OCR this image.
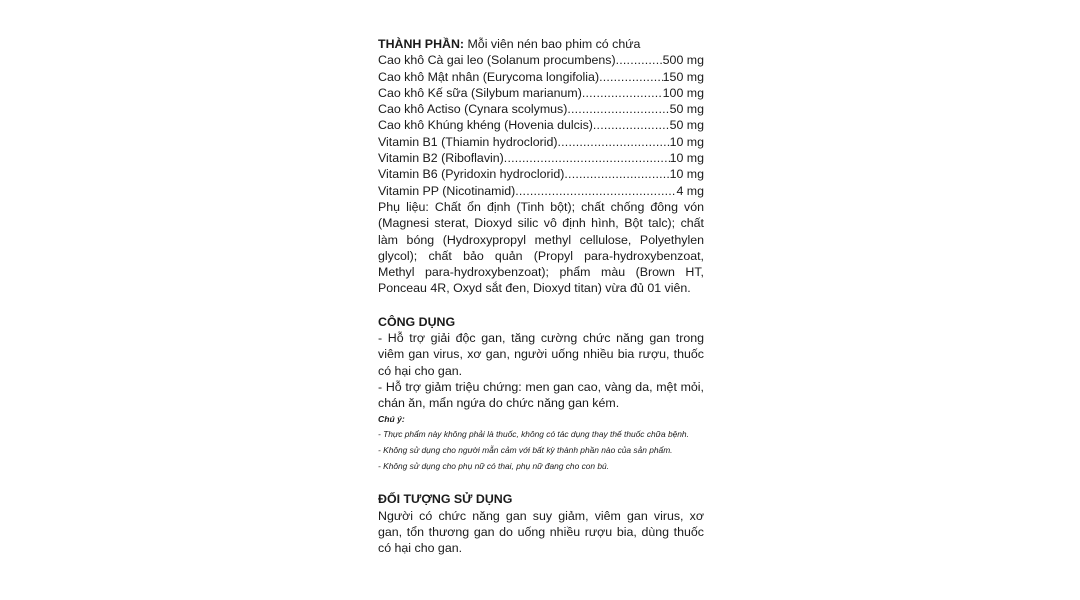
THÀNH PHẦN: Mỗi viên nén bao phim có chứa
Cao khô Cà gai leo (Solanum procumbens) .....	500 mg
Cao khô Mật nhân (Eurycoma longifolia) .....	150 mg
Cao khô Kế sữa (Silybum marianum) .....	100 mg
Cao khô Actiso (Cynara scolymus) .....	50 mg
Cao khô Khúng khéng (Hovenia dulcis) .....	50 mg
Vitamin B1 (Thiamin hydroclorid) .....	10 mg
Vitamin B2 (Riboflavin) .....	10 mg
Vitamin B6 (Pyridoxin hydroclorid) .....	10 mg
Vitamin PP (Nicotinamid) .....	4 mg

Phụ liệu: Chất ổn định (Tinh bột); chất chống đông vón (Magnesi sterat, Dioxyd silic vô định hình, Bột talc); chất làm bóng (Hydroxypropyl methyl cellulose, Polyethylen glycol); chất bảo quản (Propyl para-hydroxybenzoat, Methyl para-hydroxybenzoat); phẩm màu (Brown HT, Ponceau 4R, Oxyd sắt đen, Dioxyd titan) vừa đủ 01 viên.

CÔNG DỤNG

- Hỗ trợ giải độc gan, tăng cường chức năng gan trong viêm gan virus, xơ gan, người uống nhiều bia rượu, thuốc có hại cho gan.

- Hỗ trợ giảm triệu chứng: men gan cao, vàng da, mệt mỏi, chán ăn, mẩn ngứa do chức năng gan kém.

Chú ý:
- Thực phẩm này không phải là thuốc, không có tác dụng thay thế thuốc chữa bệnh.
- Không sử dụng cho người mẫn cảm với bất kỳ thành phần nào của sản phẩm.
- Không sử dụng cho phụ nữ có thai, phụ nữ đang cho con bú.
ĐỐI TƯỢNG SỬ DỤNG

Người có chức năng gan suy giảm, viêm gan virus, xơ gan, tổn thương gan do uống nhiều rượu bia, dùng thuốc có hại cho gan.
